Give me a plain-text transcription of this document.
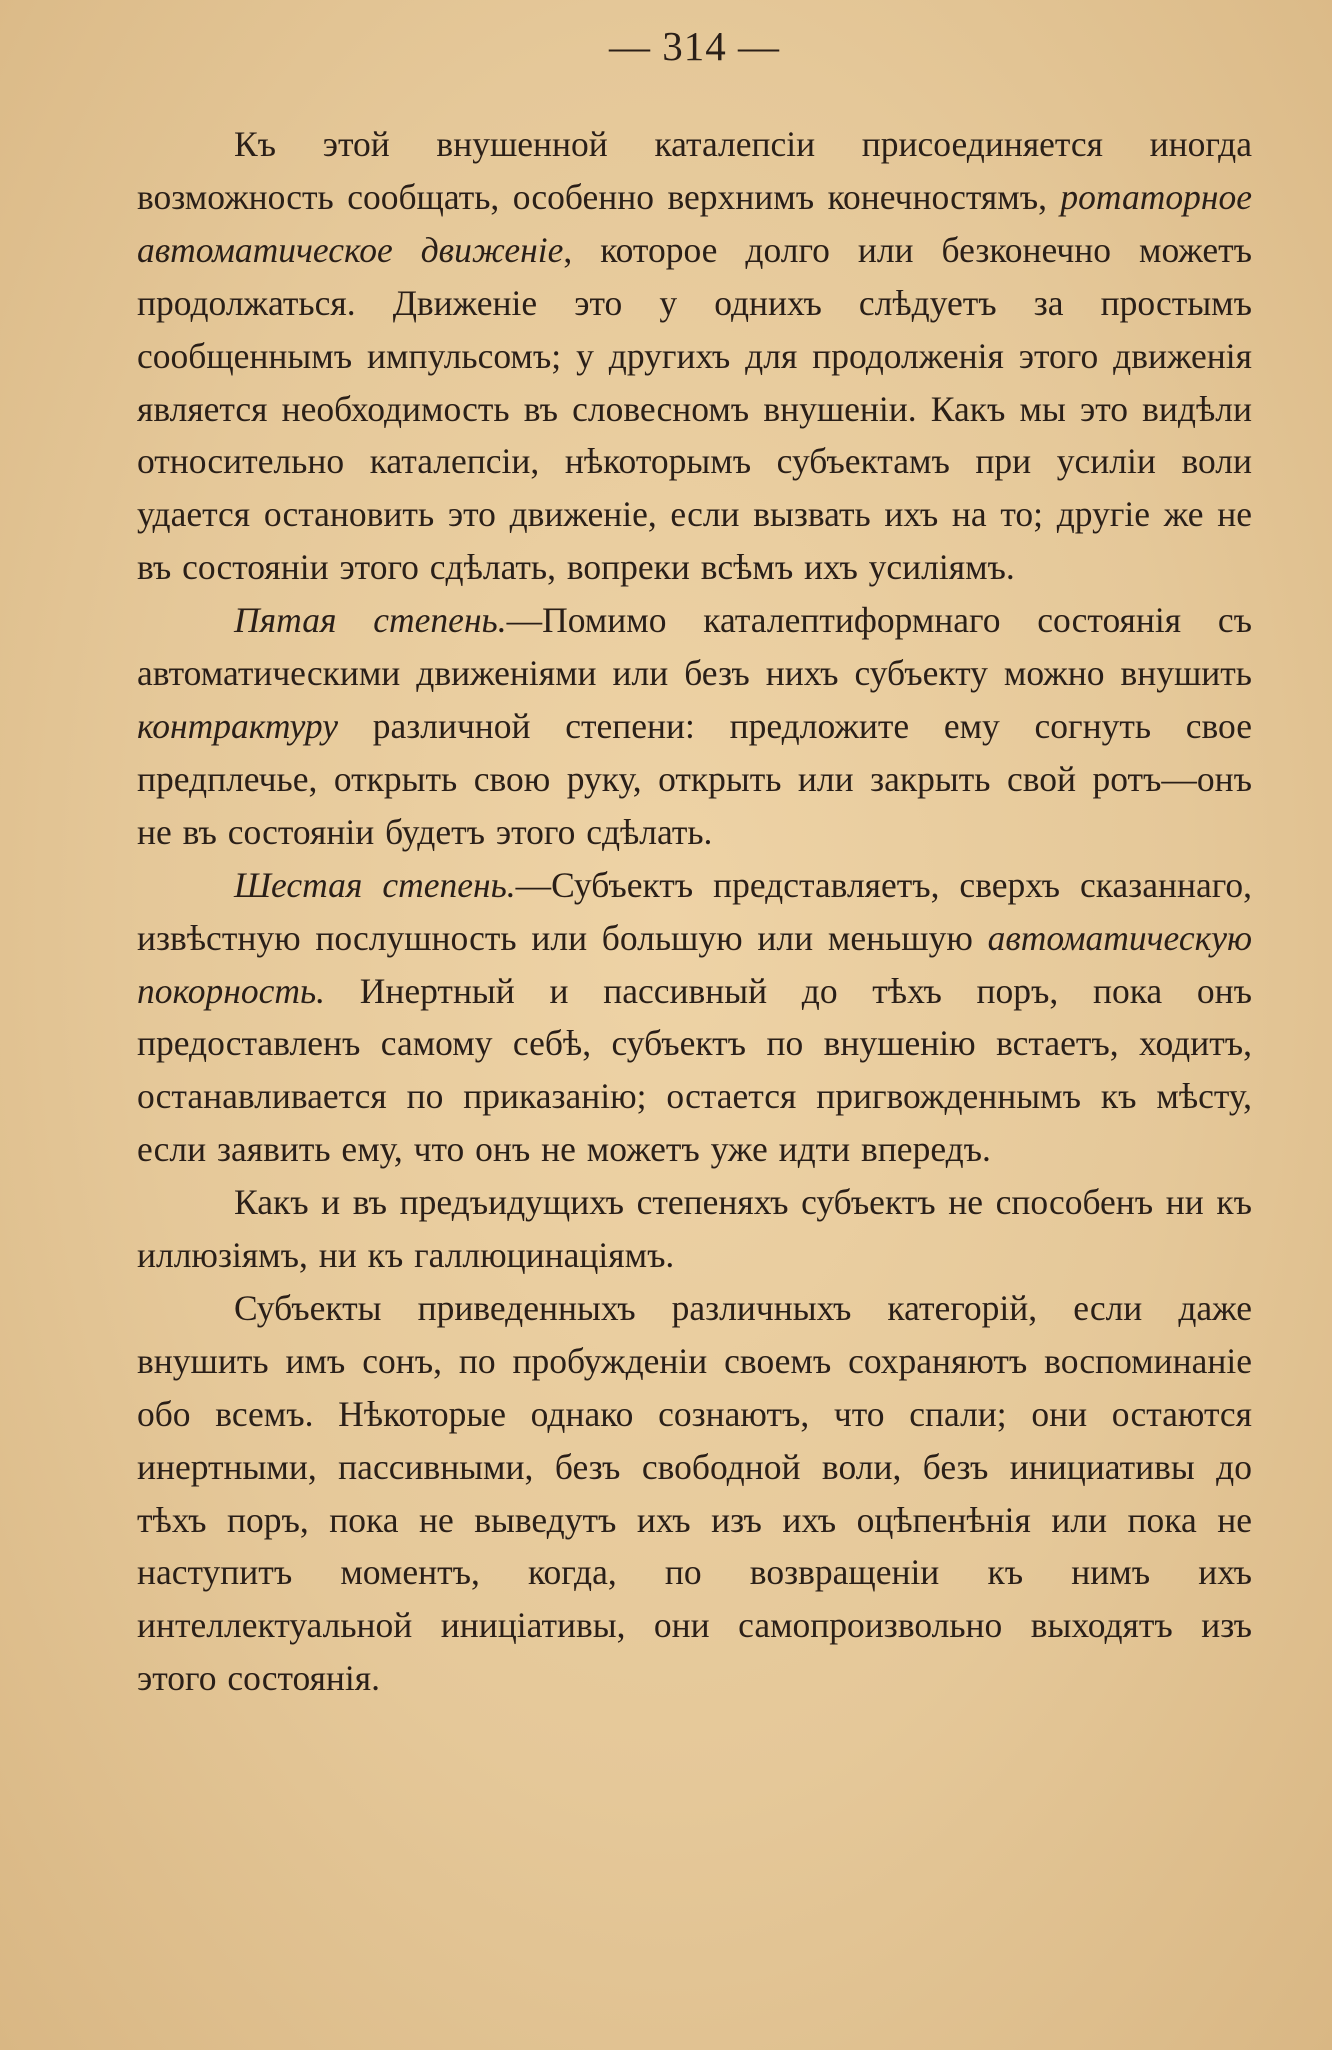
— 314 —

Къ этой внушенной каталепсіи присоединяется иногда возможность сообщать, особенно верхнимъ конечностямъ, ротаторное автоматическое движеніе, которое долго или безконечно можетъ продолжаться. Движеніе это у однихъ слѣдуетъ за простымъ сообщеннымъ импульсомъ; у другихъ для продолженія этого движенія является необходимость въ словесномъ внушеніи. Какъ мы это видѣли относительно каталепсіи, нѣкоторымъ субъектамъ при усиліи воли удается остановить это движеніе, если вызвать ихъ на то; другіе же не въ состояніи этого сдѣлать, вопреки всѣмъ ихъ усиліямъ.

Пятая степень.—Помимо каталептиформнаго состоянія съ автоматическими движеніями или безъ нихъ субъекту можно внушить контрактуру различной степени: предложите ему согнуть свое предплечье, открыть свою руку, открыть или закрыть свой ротъ—онъ не въ состояніи будетъ этого сдѣлать.

Шестая степень.—Субъектъ представляетъ, сверхъ сказаннаго, извѣстную послушность или большую или меньшую автоматическую покорность. Инертный и пассивный до тѣхъ поръ, пока онъ предоставленъ самому себѣ, субъектъ по внушенію встаетъ, ходитъ, останавливается по приказанію; остается пригвожденнымъ къ мѣсту, если заявить ему, что онъ не можетъ уже идти впередъ.

Какъ и въ предъидущихъ степеняхъ субъектъ не способенъ ни къ иллюзіямъ, ни къ галлюцинаціямъ.

Субъекты приведенныхъ различныхъ категорій, если даже внушить имъ сонъ, по пробужденіи своемъ сохраняютъ воспоминаніе обо всемъ. Нѣкоторые однако сознаютъ, что спали; они остаются инертными, пассивными, безъ свободной воли, безъ инициативы до тѣхъ поръ, пока не выведутъ ихъ изъ ихъ оцѣпенѣнія или пока не наступитъ моментъ, когда, по возвращеніи къ нимъ ихъ интеллектуальной иниціативы, они самопроизвольно выходятъ изъ этого состоянія.
